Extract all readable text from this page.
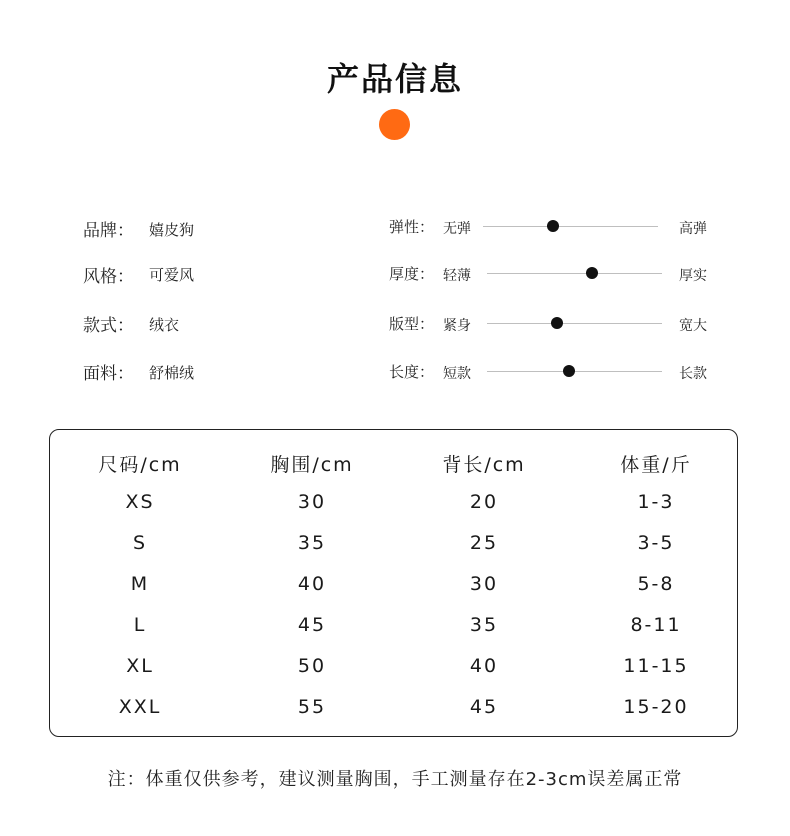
产品信息
品牌： 嬉皮狗
风格： 可爱风
款式： 绒衣
面料： 舒棉绒
弹性： 无弹	高弹
厚度： 轻薄	厚实
版型： 紧身	宽大
长度： 短款	长款
尺码/cm	胸围/cm	背长/cm	体重/斤
XS	30	20	1-3
S	35	25	3-5
M	40	30	5-8
L	45	35	8-11
XL	50	40	11-15
XXL	55	45	15-20
注：体重仅供参考，建议测量胸围，手工测量存在2-3cm误差属正常
